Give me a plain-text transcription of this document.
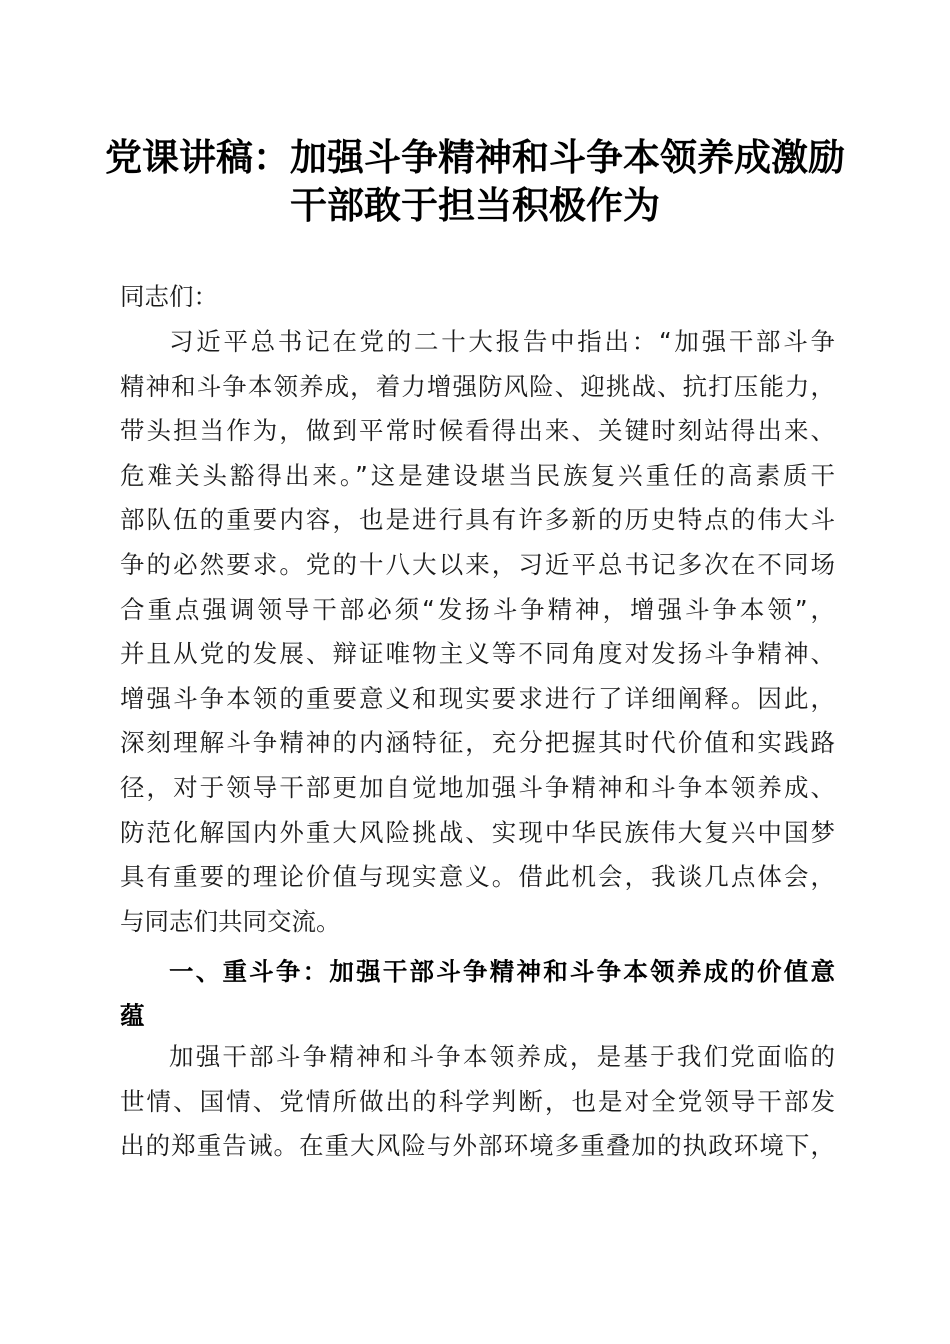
党课讲稿：加强斗争精神和斗争本领养成激励
干部敢于担当积极作为

同志们：

习近平总书记在党的二十大报告中指出：“加强干部斗争
精神和斗争本领养成，着力增强防风险、迎挑战、抗打压能力，
带头担当作为，做到平常时候看得出来、关键时刻站得出来、
危难关头豁得出来。”这是建设堪当民族复兴重任的高素质干
部队伍的重要内容，也是进行具有许多新的历史特点的伟大斗
争的必然要求。党的十八大以来，习近平总书记多次在不同场
合重点强调领导干部必须“发扬斗争精神，增强斗争本领”，
并且从党的发展、辩证唯物主义等不同角度对发扬斗争精神、
增强斗争本领的重要意义和现实要求进行了详细阐释。因此，
深刻理解斗争精神的内涵特征，充分把握其时代价值和实践路
径，对于领导干部更加自觉地加强斗争精神和斗争本领养成、
防范化解国内外重大风险挑战、实现中华民族伟大复兴中国梦
具有重要的理论价值与现实意义。借此机会，我谈几点体会，
与同志们共同交流。
一、重斗争：加强干部斗争精神和斗争本领养成的价值意
蕴
加强干部斗争精神和斗争本领养成，是基于我们党面临的
世情、国情、党情所做出的科学判断，也是对全党领导干部发
出的郑重告诫。在重大风险与外部环境多重叠加的执政环境下，
